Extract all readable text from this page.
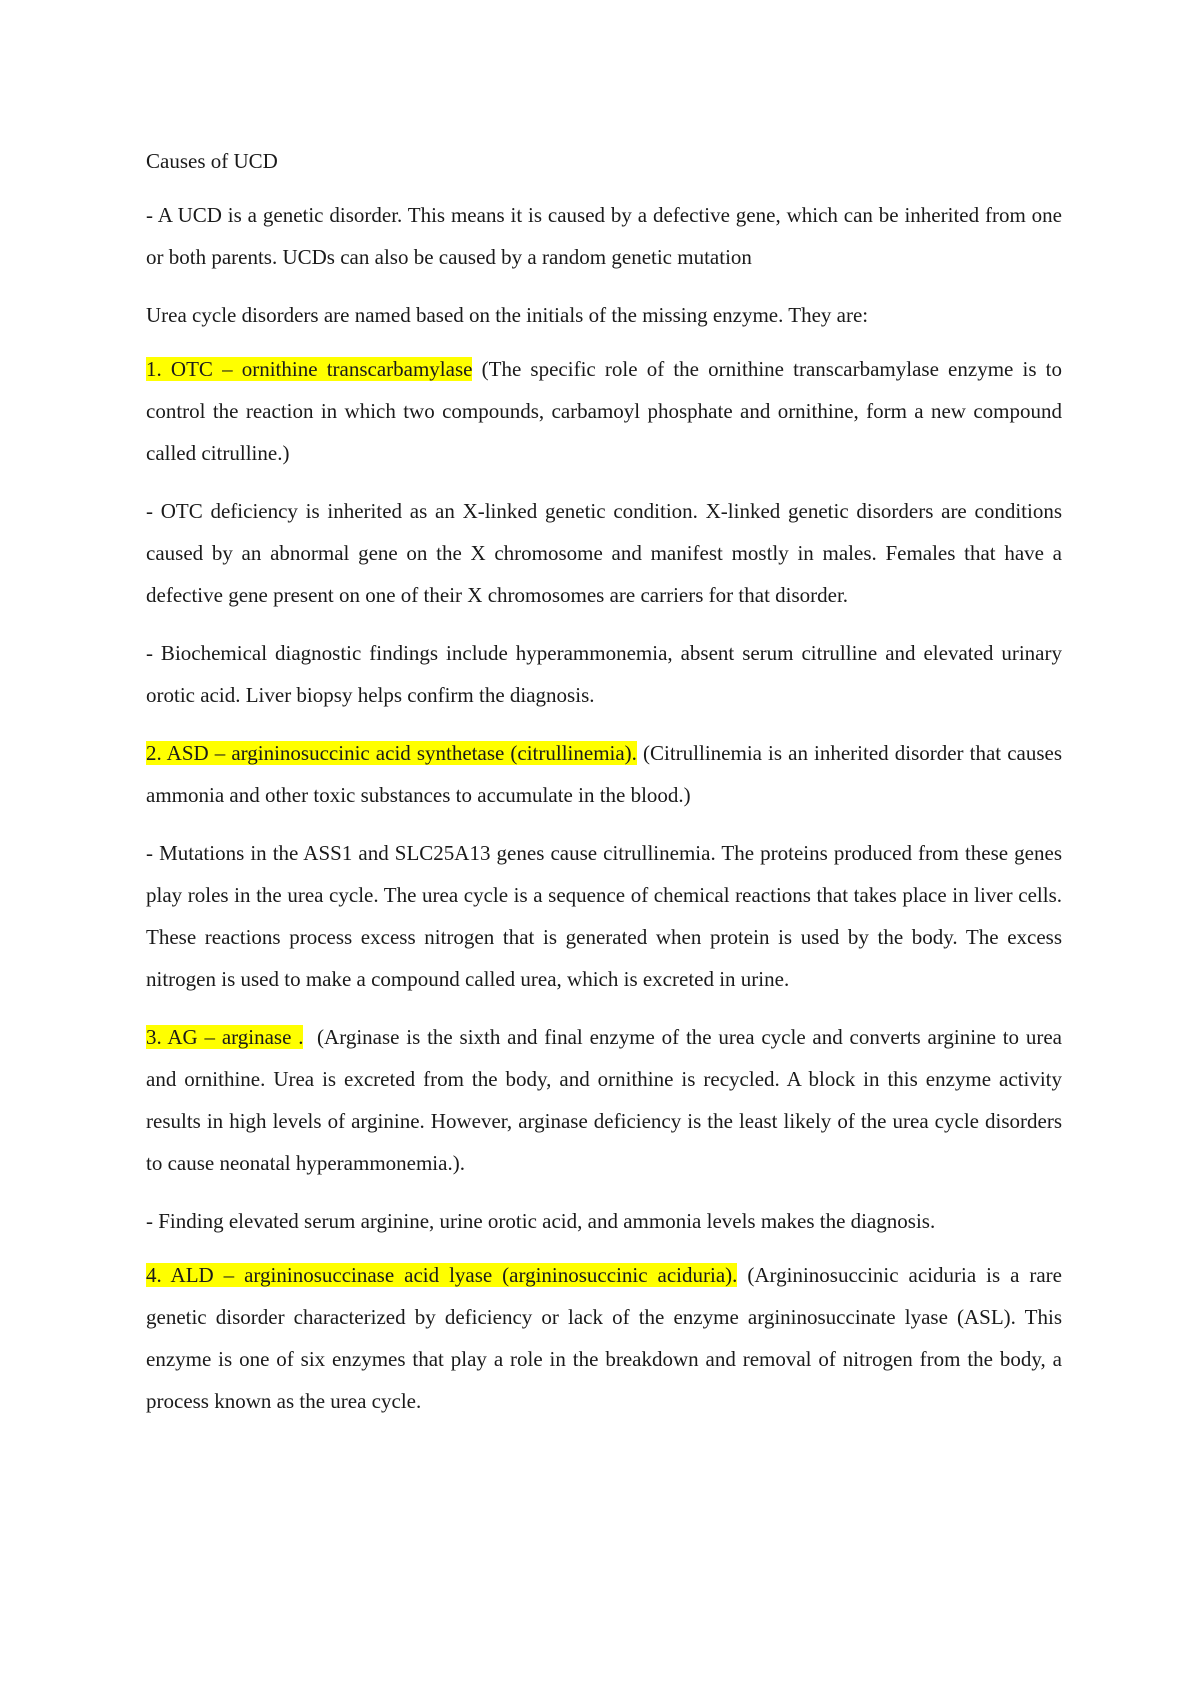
Causes of UCD

- A UCD is a genetic disorder. This means it is caused by a defective gene, which can be inherited from one or both parents. UCDs can also be caused by a random genetic mutation

Urea cycle disorders are named based on the initials of the missing enzyme. They are:

1. OTC – ornithine transcarbamylase (The specific role of the ornithine transcarbamylase enzyme is to control the reaction in which two compounds, carbamoyl phosphate and ornithine, form a new compound called citrulline.)

- OTC deficiency is inherited as an X-linked genetic condition. X-linked genetic disorders are conditions caused by an abnormal gene on the X chromosome and manifest mostly in males. Females that have a defective gene present on one of their X chromosomes are carriers for that disorder.

- Biochemical diagnostic findings include hyperammonemia, absent serum citrulline and elevated urinary orotic acid. Liver biopsy helps confirm the diagnosis.

2. ASD – argininosuccinic acid synthetase (citrullinemia). (Citrullinemia is an inherited disorder that causes ammonia and other toxic substances to accumulate in the blood.)

- Mutations in the ASS1 and SLC25A13 genes cause citrullinemia. The proteins produced from these genes play roles in the urea cycle. The urea cycle is a sequence of chemical reactions that takes place in liver cells. These reactions process excess nitrogen that is generated when protein is used by the body. The excess nitrogen is used to make a compound called urea, which is excreted in urine.

3. AG – arginase .  (Arginase is the sixth and final enzyme of the urea cycle and converts arginine to urea and ornithine. Urea is excreted from the body, and ornithine is recycled. A block in this enzyme activity results in high levels of arginine. However, arginase deficiency is the least likely of the urea cycle disorders to cause neonatal hyperammonemia.).

- Finding elevated serum arginine, urine orotic acid, and ammonia levels makes the diagnosis.

4. ALD – argininosuccinase acid lyase (argininosuccinic aciduria). (Argininosuccinic aciduria is a rare genetic disorder characterized by deficiency or lack of the enzyme argininosuccinate lyase (ASL). This enzyme is one of six enzymes that play a role in the breakdown and removal of nitrogen from the body, a process known as the urea cycle.
